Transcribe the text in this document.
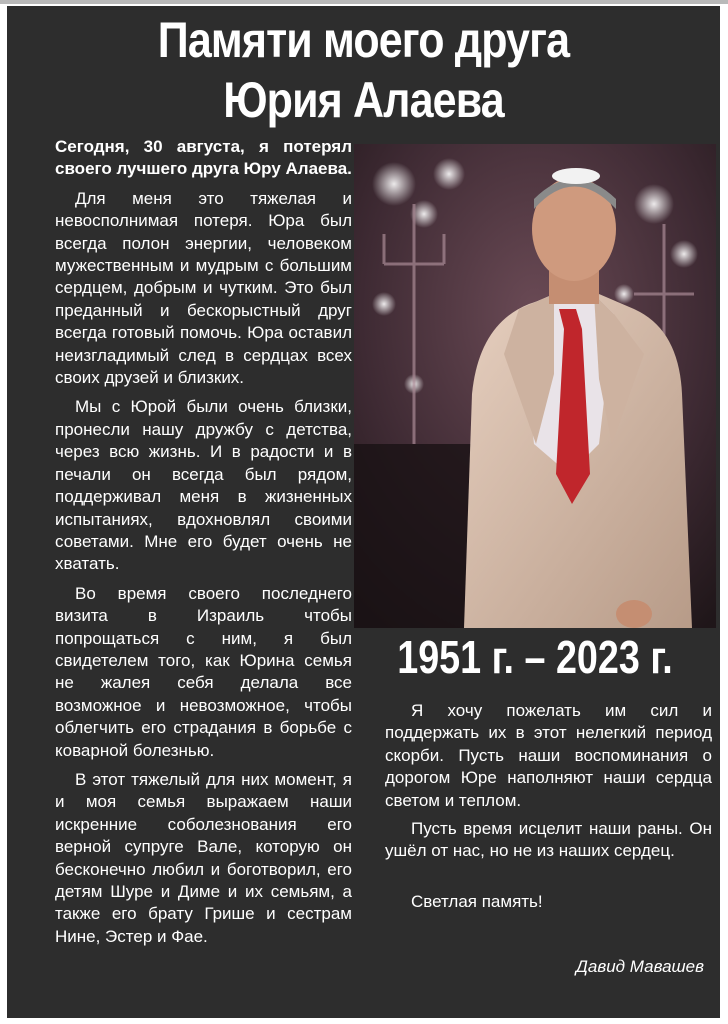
Памяти моего друга
Юрия Алаева

Сегодня, 30 августа, я потерял своего лучшего друга Юру Алаева.

Для меня это тяжелая и невосполнимая потеря. Юра был всегда полон энергии, человеком мужественным и мудрым с большим сердцем, добрым и чутким. Это был преданный и бескорыстный друг всегда готовый помочь. Юра оставил неизгладимый след в сердцах всех своих друзей и близких.

Мы с Юрой были очень близки, пронесли нашу дружбу с детства, через всю жизнь. И в радости и в печали он всегда был рядом, поддерживал меня в жизненных испытаниях, вдохновлял своими советами. Мне его будет очень не хватать.

Во время своего последнего визита в Израиль чтобы попрощаться с ним, я был свидетелем того, как Юрина семья не жалея себя делала все возможное и невозможное, чтобы облегчить его страдания в борьбе с коварной болезнью.

В этот тяжелый для них момент, я и моя семья выражаем наши искренние соболезнования его верной супруге Вале, которую он бесконечно любил и боготворил, его детям Шуре и Диме и их семьям, а также его брату Грише и сестрам Нине, Эстер и Фае.

1951 г. – 2023 г.

Я хочу пожелать им сил и поддержать их в этот нелегкий период скорби. Пусть наши воспоминания о дорогом Юре наполняют наши сердца светом и теплом.

Пусть время исцелит наши раны. Он ушёл от нас, но не из наших сердец.

Светлая память!

Давид Мавашев
